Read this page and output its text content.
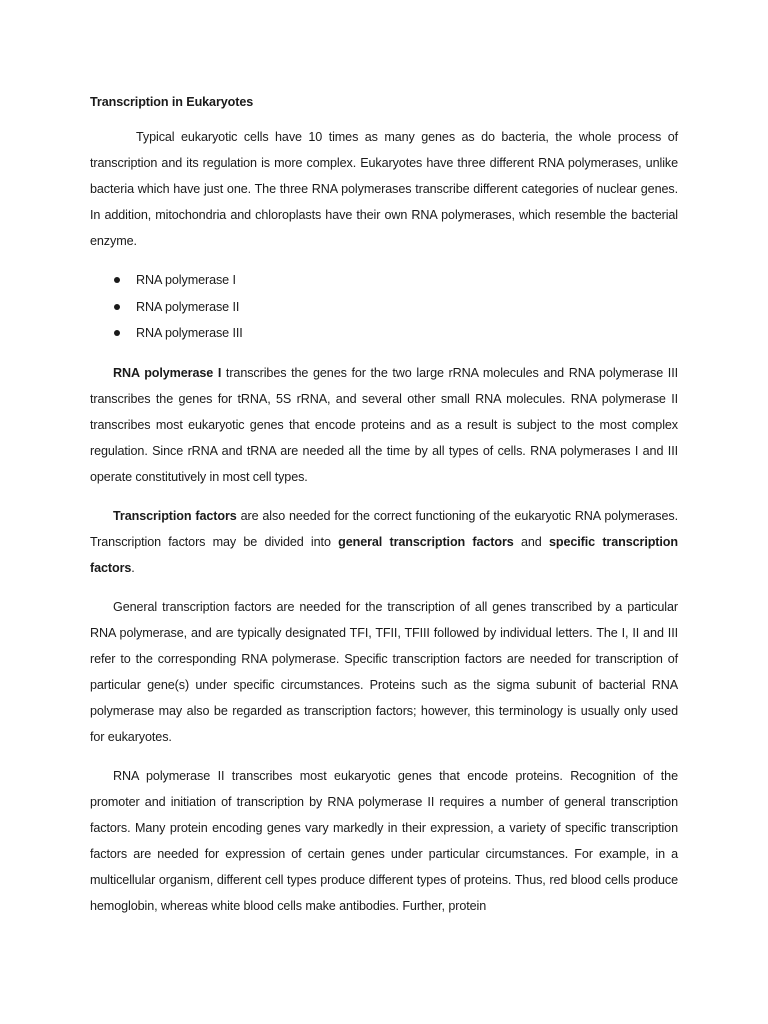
Transcription in Eukaryotes

Typical eukaryotic cells have 10 times as many genes as do bacteria, the whole process of transcription and its regulation is more complex. Eukaryotes have three different RNA polymerases, unlike bacteria which have just one. The three RNA polymerases transcribe different categories of nuclear genes. In addition, mitochondria and chloroplasts have their own RNA polymerases, which resemble the bacterial enzyme.

RNA polymerase I
RNA polymerase II
RNA polymerase III

RNA polymerase I transcribes the genes for the two large rRNA molecules and RNA polymerase III transcribes the genes for tRNA, 5S rRNA, and several other small RNA molecules. RNA polymerase II transcribes most eukaryotic genes that encode proteins and as a result is subject to the most complex regulation. Since rRNA and tRNA are needed all the time by all types of cells. RNA polymerases I and III operate constitutively in most cell types.

Transcription factors are also needed for the correct functioning of the eukaryotic RNA polymerases. Transcription factors may be divided into general transcription factors and specific transcription factors.

General transcription factors are needed for the transcription of all genes transcribed by a particular RNA polymerase, and are typically designated TFI, TFII, TFIII followed by individual letters. The I, II and III refer to the corresponding RNA polymerase. Specific transcription factors are needed for transcription of particular gene(s) under specific circumstances. Proteins such as the sigma subunit of bacterial RNA polymerase may also be regarded as transcription factors; however, this terminology is usually only used for eukaryotes.

RNA polymerase II transcribes most eukaryotic genes that encode proteins. Recognition of the promoter and initiation of transcription by RNA polymerase II requires a number of general transcription factors. Many protein encoding genes vary markedly in their expression, a variety of specific transcription factors are needed for expression of certain genes under particular circumstances. For example, in a multicellular organism, different cell types produce different types of proteins. Thus, red blood cells produce hemoglobin, whereas white blood cells make antibodies. Further, protein
